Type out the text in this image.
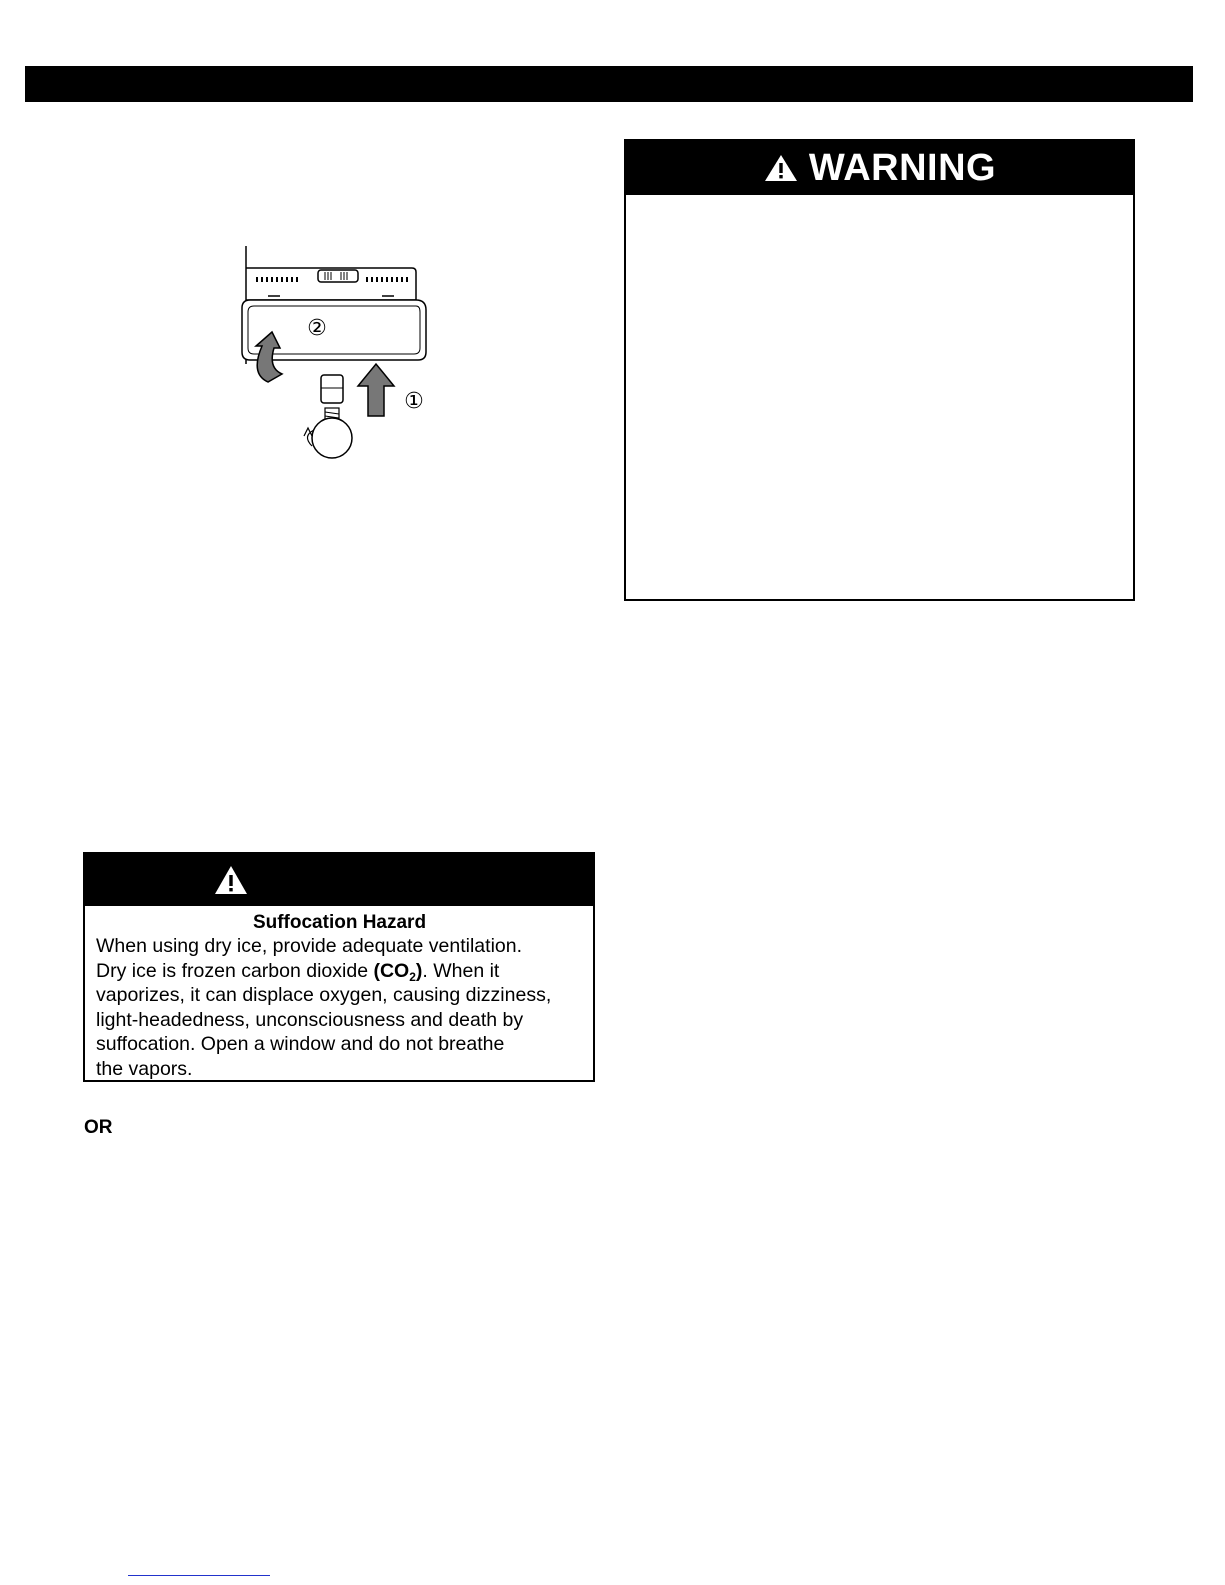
②
①
WARNING
Suffocation Hazard
When using dry ice, provide adequate ventilation.
Dry ice is frozen carbon dioxide $(CO_2)$. When it
vaporizes, it can displace oxygen, causing dizziness,
light-headedness, unconsciousness and death by
suffocation. Open a window and do not breathe
the vapors.
OR
